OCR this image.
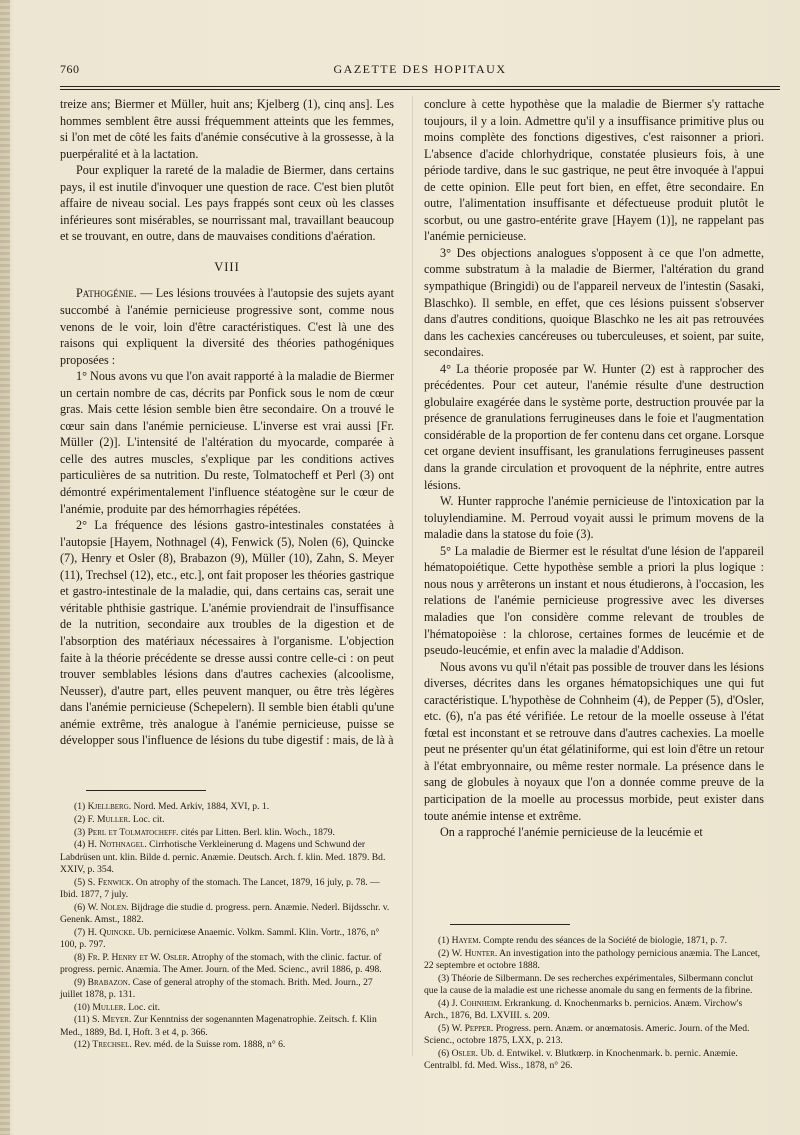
760	GAZETTE DES HOPITAUX

treize ans; Biermer et Müller, huit ans; Kjelberg (1), cinq ans]. Les hommes semblent être aussi fréquemment atteints que les femmes, si l'on met de côté les faits d'anémie consécutive à la grossesse, à la puerpéralité et à la lactation.

Pour expliquer la rareté de la maladie de Biermer, dans certains pays, il est inutile d'invoquer une question de race. C'est bien plutôt affaire de niveau social. Les pays frappés sont ceux où les classes inférieures sont misérables, se nourrissant mal, travaillant beaucoup et se trouvant, en outre, dans de mauvaises conditions d'aération.

VIII

Pathogénie. — Les lésions trouvées à l'autopsie des sujets ayant succombé à l'anémie pernicieuse progressive sont, comme nous venons de le voir, loin d'être caractéristiques. C'est là une des raisons qui expliquent la diversité des théories pathogéniques proposées :

1° Nous avons vu que l'on avait rapporté à la maladie de Biermer un certain nombre de cas, décrits par Ponfick sous le nom de cœur gras. Mais cette lésion semble bien être secondaire. On a trouvé le cœur sain dans l'anémie pernicieuse. L'inverse est vrai aussi [Fr. Müller (2)]. L'intensité de l'altération du myocarde, comparée à celle des autres muscles, s'explique par les conditions actives particulières de sa nutrition. Du reste, Tolmatocheff et Perl (3) ont démontré expérimentalement l'influence stéatogène sur le cœur de l'anémie, produite par des hémorrhagies répétées.

2° La fréquence des lésions gastro-intestinales constatées à l'autopsie [Hayem, Nothnagel (4), Fenwick (5), Nolen (6), Quincke (7), Henry et Osler (8), Brabazon (9), Müller (10), Zahn, S. Meyer (11), Trechsel (12), etc., etc.], ont fait proposer les théories gastrique et gastro-intestinale de la maladie, qui, dans certains cas, serait une véritable phthisie gastrique. L'anémie proviendrait de l'insuffisance de la nutrition, secondaire aux troubles de la digestion et de l'absorption des matériaux nécessaires à l'organisme. L'objection faite à la théorie précédente se dresse aussi contre celle-ci : on peut trouver semblables lésions dans d'autres cachexies (alcoolisme, Neusser), d'autre part, elles peuvent manquer, ou être très légères dans l'anémie pernicieuse (Schepelern). Il semble bien établi qu'une anémie extrême, très analogue à l'anémie pernicieuse, puisse se développer sous l'influence de lésions du tube digestif : mais, de là à

(1) Kjellberg. Nord. Med. Arkiv, 1884, XVI, p. 1.

(2) F. Muller. Loc. cit.

(3) Perl et Tolmatocheff. cités par Litten. Berl. klin. Woch., 1879.

(4) H. Nothnagel. Cirrhotische Verkleinerung d. Magens und Schwund der Labdrüsen unt. klin. Bilde d. pernic. Anæmie. Deutsch. Arch. f. klin. Med. 1879. Bd. XXIV, p. 354.

(5) S. Fenwick. On atrophy of the stomach. The Lancet, 1879, 16 july, p. 78. — Ibid. 1877, 7 july.

(6) W. Nolen. Bijdrage die studie d. progress. pern. Anæmie. Nederl. Bijdsschr. v. Genenk. Amst., 1882.

(7) H. Quincke. Ub. perniciœse Anaemic. Volkm. Samml. Klin. Vortr., 1876, n° 100, p. 797.

(8) Fr. P. Henry et W. Osler. Atrophy of the stomach, with the clinic. factur. of progress. pernic. Anæmia. The Amer. Journ. of the Med. Scienc., avril 1886, p. 498.

(9) Brabazon. Case of general atrophy of the stomach. Brith. Med. Journ., 27 juillet 1878, p. 131.

(10) Muller. Loc. cit.

(11) S. Meyer. Zur Kenntniss der sogenannten Magenatrophie. Zeitsch. f. Klin Med., 1889, Bd. I, Hoft. 3 et 4, p. 366.

(12) Trechsel. Rev. méd. de la Suisse rom. 1888, n° 6.

conclure à cette hypothèse que la maladie de Biermer s'y rattache toujours, il y a loin. Admettre qu'il y a insuffisance primitive plus ou moins complète des fonctions digestives, c'est raisonner a priori. L'absence d'acide chlorhydrique, constatée plusieurs fois, à une période tardive, dans le suc gastrique, ne peut être invoquée à l'appui de cette opinion. Elle peut fort bien, en effet, être secondaire. En outre, l'alimentation insuffisante et défectueuse produit plutôt le scorbut, ou une gastro-entérite grave [Hayem (1)], ne rappelant pas l'anémie pernicieuse.

3° Des objections analogues s'opposent à ce que l'on admette, comme substratum à la maladie de Biermer, l'altération du grand sympathique (Bringidi) ou de l'appareil nerveux de l'intestin (Sasaki, Blaschko). Il semble, en effet, que ces lésions puissent s'observer dans d'autres conditions, quoique Blaschko ne les ait pas retrouvées dans les cachexies cancéreuses ou tuberculeuses, et soient, par suite, secondaires.

4° La théorie proposée par W. Hunter (2) est à rapprocher des précédentes. Pour cet auteur, l'anémie résulte d'une destruction globulaire exagérée dans le système porte, destruction prouvée par la présence de granulations ferrugineuses dans le foie et l'augmentation considérable de la proportion de fer contenu dans cet organe. Lorsque cet organe devient insuffisant, les granulations ferrugineuses passent dans la grande circulation et provoquent de la néphrite, entre autres lésions.

W. Hunter rapproche l'anémie pernicieuse de l'intoxication par la toluylendiamine. M. Perroud voyait aussi le primum movens de la maladie dans la statose du foie (3).

5° La maladie de Biermer est le résultat d'une lésion de l'appareil hématopoiétique. Cette hypothèse semble a priori la plus logique : nous nous y arrêterons un instant et nous étudierons, à l'occasion, les relations de l'anémie pernicieuse progressive avec les diverses maladies que l'on considère comme relevant de troubles de l'hématopoièse : la chlorose, certaines formes de leucémie et de pseudo-leucémie, et enfin avec la maladie d'Addison.

Nous avons vu qu'il n'était pas possible de trouver dans les lésions diverses, décrites dans les organes hématopsichiques une qui fut caractéristique. L'hypothèse de Cohnheim (4), de Pepper (5), d'Osler, etc. (6), n'a pas été vérifiée. Le retour de la moelle osseuse à l'état fœtal est inconstant et se retrouve dans d'autres cachexies. La moelle peut ne présenter qu'un état gélatiniforme, qui est loin d'être un retour à l'état embryonnaire, ou même rester normale. La présence dans le sang de globules à noyaux que l'on a donnée comme preuve de la participation de la moelle au processus morbide, peut exister dans toute anémie intense et extrême.

On a rapproché l'anémie pernicieuse de la leucémie et

(1) Hayem. Compte rendu des séances de la Société de biologie, 1871, p. 7.

(2) W. Hunter. An investigation into the pathology pernicious anæmia. The Lancet, 22 septembre et octobre 1888.

(3) Théorie de Silbermann. De ses recherches expérimentales, Silbermann conclut que la cause de la maladie est une richesse anomale du sang en ferments de la fibrine.

(4) J. Cohnheim. Erkrankung. d. Knochenmarks b. pernicios. Anæm. Virchow's Arch., 1876, Bd. LXVIII. s. 209.

(5) W. Pepper. Progress. pern. Anæm. or anœmatosis. Americ. Journ. of the Med. Scienc., octobre 1875, LXX, p. 213.

(6) Osler. Ub. d. Entwikel. v. Blutkœrp. in Knochenmark. b. pernic. Anæmie. Centralbl. fd. Med. Wiss., 1878, n° 26.
